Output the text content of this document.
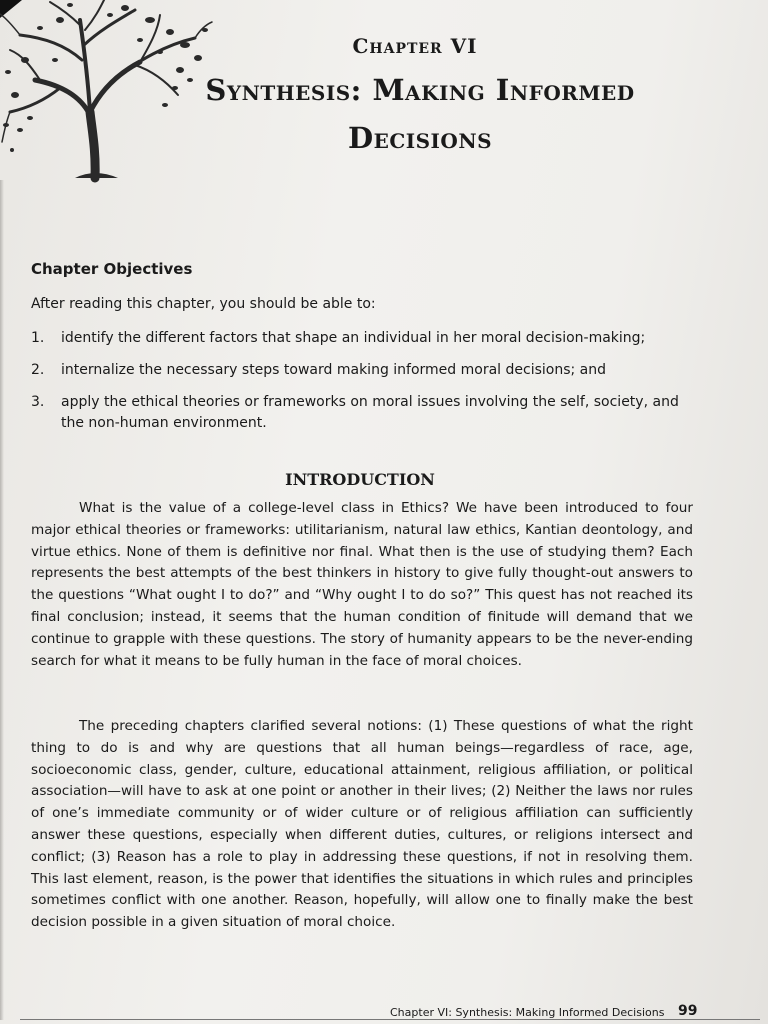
Chapter VI
Synthesis: Making Informed Decisions
Chapter Objectives
After reading this chapter, you should be able to:
1. identify the different factors that shape an individual in her moral decision-making;
2. internalize the necessary steps toward making informed moral decisions; and
3. apply the ethical theories or frameworks on moral issues involving the self, society, and the non-human environment.
INTRODUCTION

What is the value of a college-level class in Ethics? We have been introduced to four major ethical theories or frameworks: utilitarianism, natural law ethics, Kantian deontology, and virtue ethics. None of them is definitive nor final. What then is the use of studying them? Each represents the best attempts of the best thinkers in history to give fully thought-out answers to the questions “What ought I to do?” and “Why ought I to do so?” This quest has not reached its final conclusion; instead, it seems that the human condition of finitude will demand that we continue to grapple with these questions. The story of humanity appears to be the never-ending search for what it means to be fully human in the face of moral choices.

The preceding chapters clarified several notions: (1) These questions of what the right thing to do is and why are questions that all human beings—regardless of race, age, socioeconomic class, gender, culture, educational attainment, religious affiliation, or political association—will have to ask at one point or another in their lives; (2) Neither the laws nor rules of one’s immediate community or of wider culture or of religious affiliation can sufficiently answer these questions, especially when different duties, cultures, or religions intersect and conflict; (3) Reason has a role to play in addressing these questions, if not in resolving them. This last element, reason, is the power that identifies the situations in which rules and principles sometimes conflict with one another. Reason, hopefully, will allow one to finally make the best decision possible in a given situation of moral choice.

Chapter VI: Synthesis: Making Informed Decisions 99
